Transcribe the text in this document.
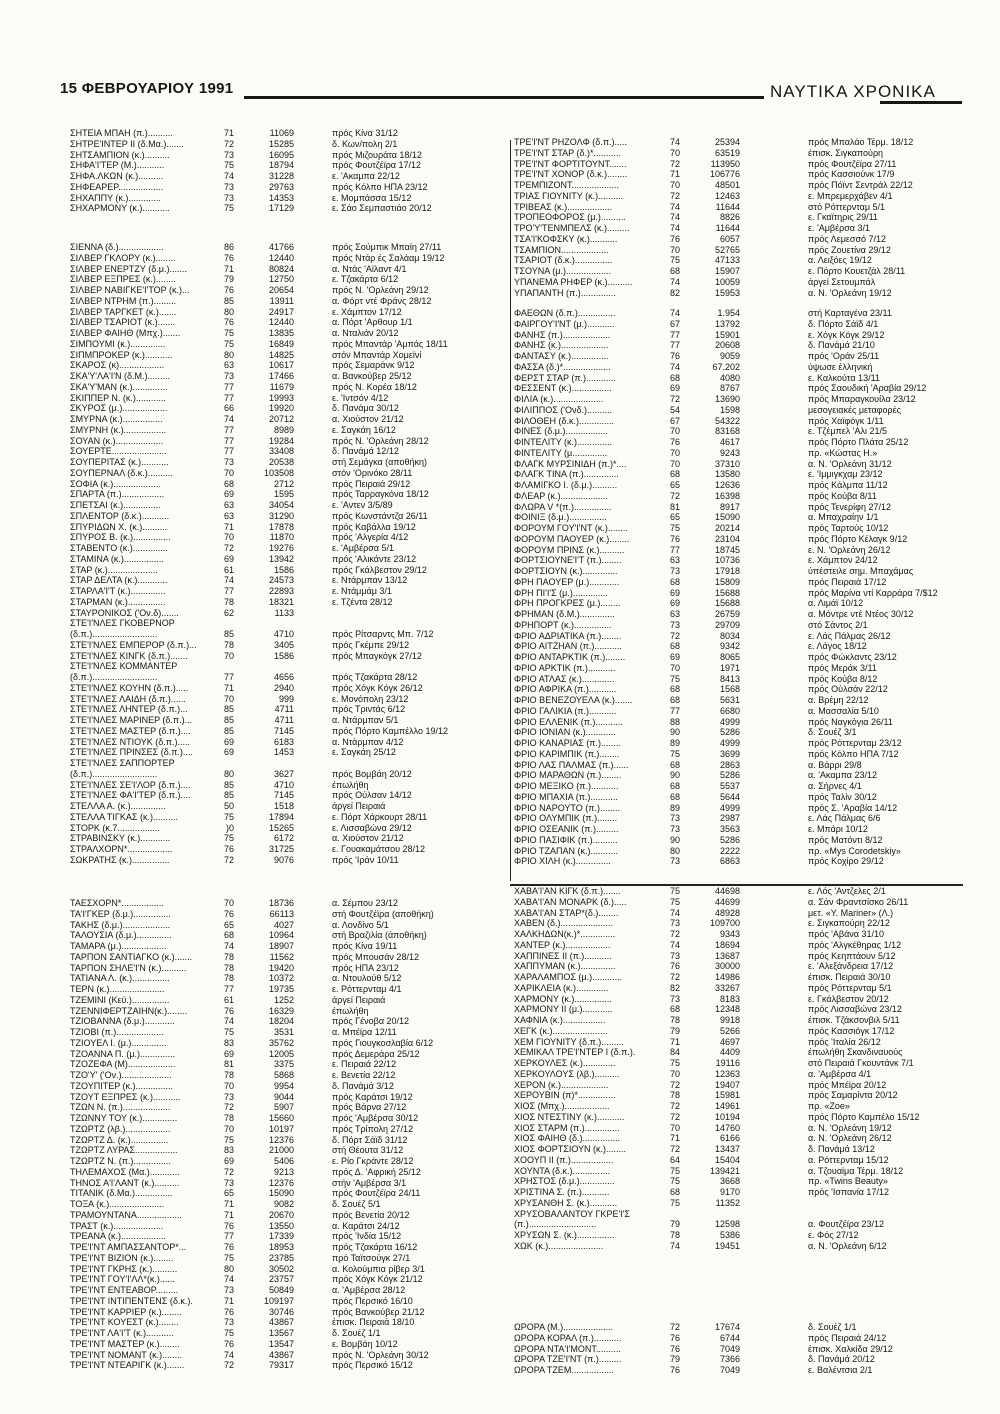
15 ΦΕΒΡΟΥΑΡΙΟΥ 1991	ΝΑΥΤΙΚΑ ΧΡΟΝΙΚΑ
ΣΗΤΕΙΑ ΜΠΑΗ (π.)..........	71	11069	πρός Κίνα 31/12
ΣΗΤΡΕ'ΙΝΤΕΡ ΙΙ (δ.Μα.).......	72	15285	δ. Κων/πολη 2/1
ΣΗΤΣΑΜΠΙΟΝ (κ.)..........	73	16095	πρός Μιζουράτα 18/12
ΣΗΦΑ'Ι'ΤΕΡ (Μ.)...........	75	18794	πρός Φουτζέϊρα 17/12
ΣΗΦΑ.ΛΚΩΝ (κ.)..........	74	31228	ε. 'Ακαμπα 22/12
ΣΗΦΕΑΡΕΡ..................	73	29763	πρός Κόλπο ΗΠΑ 23/12
ΣΗΧΑΠΠΥ (κ.).............	73	14353	ε. Μομπάσσα 15/12
ΣΗΧΑΡΜΟΝΥ (κ.)...........	75	17129	ε. Σάο Σεμπαστιάο 20/12
ΣΙΕΝΝΑ (δ.)..................	86	41766	πρός Σούμπικ Μπαίη 27/11
ΣΙΛΒΕΡ ΓΚΛΟΡΥ (κ.)........	76	12440	πρός Ντάρ ές Σαλάαμ 19/12
ΣΙΛΒΕΡ ΕΝΕΡΤΖΥ (δ.μ.).......	71	80824	α. Ντάς 'Αϊλαντ 4/1
ΣΙΛΒΕΡ ΕΞΠΡΕΣ (κ.)........	79	12750	ε. Τζακάρτα 6/12
ΣΙΛΒΕΡ ΝΑΒΙΓΚΕ'Ι'ΤΟΡ (κ.)...	76	20654	πρός Ν. 'Ορλεάνη 29/12
ΣΙΛΒΕΡ ΝΤΡΗΜ (π.).........	85	13911	α. Φόρτ ντέ Φράνς 28/12
ΣΙΛΒΕΡ ΤΑΡΓΚΕΤ (κ.).......	80	24917	ε. Χάμπτον 17/12
ΣΙΛΒΕΡ ΤΣΑΡΙΟΤ (κ.).......	76	12440	α. Πόρτ 'Αρθουρ 1/1
ΣΙΛΒΕΡ ΦΑΙΗΘ (Μπχ.).......	75	13835	α. Νταλιάν 20/12
ΣΙΜΠΟΥΜΙ (κ.)..............	75	16849	πρός Μπαντάρ 'Αμπάς 18/11
ΣΙΠΜΠΡΟΚΕΡ (κ.)...........	80	14825	στόν Μπαντάρ Χομεϊνί
ΣΚΑΡΟΣ (κ)..................	63	10617	πρός Σεμαράνκ 9/12
ΣΚΑ'Υ'ΛΑ'Ι'Ν (δ.Μ.).........	73	17466	α. Βανκούβερ 25/12
ΣΚΑ'Υ'ΜΑΝ (κ.)..............	77	11679	πρός Ν. Κορέα 18/12
ΣΚΙΠΠΕΡ Ν. (κ.)............	77	19993	ε. 'Ιντσόν 4/12
ΣΚΥΡΟΣ (μ.)..................	66	19920	δ. Πανάμα 30/12
ΣΜΥΡΝΑ (κ.)................	74	20712	α. Χιούστον 21/12
ΣΜΥΡΝΗ (κ.).................	77	8989	ε. Σαγκάη 16/12
ΣΟΥΑΝ (κ.)...................	77	19284	πρός Ν. 'Ορλεάνη 28/12
ΣΟΥΕΡΤΕ......................	77	33408	δ. Πανάμά 12/12
ΣΟΥΠΕΡΙΤΑΣ (κ.)...........	73	20538	στή Σεμάγκα (αποθήκη)
ΣΟΥΠΕΡΝΑΛ (δ.κ.)..........	70	103508	στόν 'Ορινόκο 28/11
ΣΟΦΙΑ (κ.)...................	68	2712	πρός Πειραιά 29/12
ΣΠΑΡΤΑ (π.).................	69	1595	πρός Ταρραγκόνα 18/12
ΣΠΕΤΣΑΙ (κ.)...............	63	34054	ε. 'Αντεν 3/5/89
ΣΠΛΕΝΤΟΡ (δ.κ.)...........	63	31290	πρός Κωνστάντζα 26/11
ΣΠΥΡΙΔΩΝ Χ. (κ.)..........	71	17878	πρός Καβάλλα 19/12
ΣΠΥΡΟΣ Β. (κ.)...............	70	11870	πρός 'Αλγερία 4/12
ΣΤΑΒΕΝΤΟ (κ.)..............	72	19276	ε. 'Αμβέρσα 5/1
ΣΤΑΜΙΝΑ (κ.)................	69	13942	πρός 'Αλικάντε 23/12
ΣΤΑΡ (κ.)....................	61	1586	πρός Γκάλβεστον 29/12
ΣΤΑΡ ΔΕΛΤΑ (κ.)............	74	24573	ε. Ντάρμπαν 13/12
ΣΤΑΡΛΑ'Ι'Τ (κ.)..............	77	22893	ε. Ντάμμάμ 3/1
ΣΤΑΡΜΑΝ (κ.)...............	78	18321	ε. Τζέντα 28/12
ΣΤΑΥΡΟΝΙΚΟΣ ('Ον.δ).......	62	1133
ΣΤΕ'Ι'ΝΛΕΣ ΓΚΟΒΕΡΝΟΡ
(δ.π.)..........................	85	4710	πρός Ρίτσαρντς Μπ. 7/12
ΣΤΕ'Ι'ΝΛΕΣ ΕΜΠΕΡΟΡ (δ.π.)...	78	3405	πρός Γκέμπε 29/12
ΣΤΕ'Ι'ΝΛΕΣ ΚΙΝΓΚ (δ.π.).......	70	1586	πρός Μπαγκόγκ 27/12
ΣΤΕ'Ι'ΝΛΕΣ ΚΟΜΜΑΝΤΕΡ
(δ.π.)..........................	77	4656	πρός Τζακάρτα 28/12
ΣΤΕ'Ι'ΝΛΕΣ ΚΟΥΗΝ (δ.π.).....	71	2940	πρός Χόγκ Κόγκ 26/12
ΣΤΕ'Ι'ΝΛΕΣ ΛΑΙΔΗ (δ.π.)......	70	999	ε. Μονόπολη 23/12
ΣΤΕ'Ι'ΝΛΕΣ ΛΗΝΤΕΡ (δ.π.)...	85	4711	πρός Τριντάς 6/12
ΣΤΕ'Ι'ΝΛΕΣ ΜΑΡΙΝΕΡ (δ.π.)...	85	4711	α. Ντάρμπαν 5/1
ΣΤΕ'Ι'ΝΛΕΣ ΜΑΣΤΕΡ (δ.π.)....	85	7145	πρός Πόρτο Καμπέλλο 19/12
ΣΤΕ'Ι'ΝΛΕΣ ΝΤΙΟΥΚ (δ.π.).....	69	6183	α. Ντάρμπαν 4/12
ΣΤΕ'Ι'ΝΛΕΣ ΠΡΙΝΣΕΣ (δ.π.)....	69	1453	ε. Σαγκάη 25/12
ΣΤΕ'Ι'ΝΛΕΣ ΣΑΠΠΟΡΤΕΡ
(δ.π.)..........................	80	3627	πρός Βομβάη 20/12
ΣΤΕ'Ι'ΝΛΕΣ ΣΕ'Ι'ΛΟΡ (δ.π.)....	85	4710	έπωλήθη
ΣΤΕ'Ι'ΝΛΕΣ ΦΑ'Ι'ΤΕΡ (δ.π.)....	85	7145	πρός Ούλσαν 14/12
ΣΤΕΛΛΑ Α. (κ.)..............	50	1518	άργεί Πειραιά
ΣΤΕΛΛΑ ΤΙΓΚΑΣ (κ.)..........	75	17894	ε. Πόρτ Χάρκουρτ 28/11
ΣΤΟΡΚ (κ.7.................	)0	15265	ε. Λισσαβώνα 29/12
ΣΤΡΑΒΙΝΣΚΥ (κ.)............	75	6172	α. Χιούστον 21/12
ΣΤΡΑΛΧΟΡΝ*..................	76	31725	ε. Γουακαμάτσου 28/12
ΣΩΚΡΑΤΗΣ (κ.)...............	72	9076	πρός 'Ιράν 10/11
ΤΑΕΣΧΟΡΝ*.................	70	18736	α. Σέμπου 23/12
ΤΑ'Ι'ΓΚΕΡ (δ.μ.)...............	76	66113	στή Φουτζέϊρα (αποθήκη)
ΤΑΚΗΣ (δ.μ.)...................	65	4027	α. Λονδίνο 5/1
ΤΑΛΟΥΣΙΑ (δ.μ.)..............	68	10964	στή Βραζιλία (άποθήκη)
ΤΑΜΑΡΑ (μ.)..................	74	18907	πρός Κίνα 19/11
ΤΑΡΠΟΝ ΣΑΝΤΙΑΓΚΟ (κ.).......	78	11562	πρός Μπουσάν 28/12
ΤΑΡΠΟΝ ΣΗΛΕ'Ι'Ν (κ.)..........	78	19420	πρός ΗΠΑ 23/12
ΤΑΤΙΑΝΑ Λ. (κ.)...............	78	10372	α. Ντουλούθ 5/12
ΤΕΡΝ (κ.)......................	77	19735	ε. Ρόττερνταμ 4/1
ΤΖΕΜΙΝΙ (Κεϋ.)...............	61	1252	άργεί Πειραιά
ΤΖΕΝΝΙΦΕΡΤΖΑΙΗΝ(κ.)........	76	16329	έπωλήθη
ΤΖΙΟΒΑΝΝΑ (δ.μ.)............	74	18204	πρός Γένοβα 20/12
ΤΖΙΟΒΙ (π.)...................	75	3531	α. Μπέϊρα 12/11
ΤΖΙΟΥΕΛ Ι. (μ.)..............	83	35762	πρός Γιουγκοσλαβία 6/12
ΤΖΟΑΝΝΑ Π. (μ.)..............	69	12005	πρός Δεμεράρα 25/12
ΤΖΟΖΕΦΑ (Μ)...................	81	3375	ε. Πειραιά 22/12
ΤΖΟ'Υ' ('Ον.)....................	78	5868	ε. Βενετία 22/12
ΤΖΟΥΠΙΤΕΡ (κ.)...............	70	9954	δ. Πανάμά 3/12
ΤΖΟΥΤ ΕΞΠΡΕΣ (κ.)...........	73	9044	πρός Καράτσι 19/12
ΤΖΩΝ Ν. (π.)...................	72	5907	πρός Βάρνα 27/12
ΤΖΩΝΝΥ ΤΟΥ (κ.)..............	78	15660	πρός 'Αμβέρσα 30/12
ΤΖΩΡΤΖ (λβ.)..................	70	10197	πρός Τρίπολη 27/12
ΤΖΩΡΤΖ Δ. (κ.)...............	75	12376	δ. Πόρτ Σάϊδ 31/12
ΤΖΩΡΤΖ ΛΥΡΑΣ.................	83	21000	στή Θέουτα 31/12
ΤΖΩΡΤΖ Ν. (π.)...............	69	5406	ε. Ρίο Γκράντε 28/12
ΤΗΛΕΜΑΧΟΣ (Μα.)............	72	9213	πρός Δ. 'Αφρική 25/12
ΤΗΝΟΣ Α'Ι'ΛΑΝΤ (κ.)..........	73	12376	στήν 'Αμβέρσα 3/1
ΤΙΤΑΝΙΚ (δ.Μα.)...............	65	15090	πρός Φουτζέϊρα 24/11
ΤΟΞΑ (κ.)......................	71	9082	δ. Σουέζ 5/1
ΤΡΑΜΟΥΝΤΑΝΑ..................	71	20670	πρός Βενετία 20/12
ΤΡΑΣΤ (κ.)....................	76	13550	α. Καράτσι 24/12
ΤΡΕΑΝΑ (κ.)..................	77	17339	πρός 'Ινδία 15/12
ΤΡΕ'Ι'ΝΤ ΑΜΠΑΣΣΑΝΤΟΡ*...	76	18953	πρός Τζακάρτα 16/12
ΤΡΕ'Ι'ΝΤ ΒΙΖΙΟΝ (κ.)........	75	23785	πρό Ταϊτσούγκ 27/1
ΤΡΕ'Ι'ΝΤ ΓΚΡΗΣ (κ.)..........	80	30502	α. Κολούμπια ρίβερ 3/1
ΤΡΕ'Ι'ΝΤ ΓΟΥ'Ι'ΛΛ*(κ.)......	74	23757	πρός Χόγκ Κόγκ 21/12
ΤΡΕ'Ι'ΝΤ ΕΝΤΕΑΒΟΡ.........	73	50849	α. 'Αμβέρσα 28/12
ΤΡΕ'Ι'ΝΤ ΙΝΤΙΠΕΝΤΕΝΣ (δ.κ.).	71	109197	πρός Περσικό 16/10
ΤΡΕ'Ι'ΝΤ ΚΑΡΡΙΕΡ (κ.)........	76	30746	πρός Βανκούβερ 21/12
ΤΡΕ'Ι'ΝΤ ΚΟΥΕΣΤ (κ.)........	73	43867	έπισκ. Πειραιά 18/10
ΤΡΕ'Ι'ΝΤ ΛΑ'Ι'Τ (κ.)...........	75	13567	δ. Σουέζ 1/1
ΤΡΕ'Ι'ΝΤ ΜΑΣΤΕΡ (κ.)........	76	13547	ε. Βομβάη 10/12
ΤΡΕ'Ι'ΝΤ ΝΟΜΑΝΤ (κ.)........	74	43867	πρός Ν. 'Ορλεάνη 30/12
ΤΡΕ'Ι'ΝΤ ΝΤΕΑΡΙΓΚ (κ.).......	72	79317	πρός Περσικό 15/12
ΤΡΕ'Ι'ΝΤ ΡΗΖΟΛΦ (δ.π.).....	74	25394	πρός Μπαλάο Τέρμ. 18/12
ΤΡΕ'Ι'ΝΤ ΣΤΑΡ (δ.)*...........	70	63519	έπισκ. Σιγκαπούρη
ΤΡΕ'Ι'ΝΤ ΦΟΡΤΙΤΟΥΝΤ.......	72	113950	πρός Φουτζέϊρα 27/11
ΤΡΕ'Ι'ΝΤ ΧΟΝΟΡ (δ.κ.)........	71	106776	πρός Κασσιούνκ 17/9
ΤΡΕΜΠΙΖΟΝΤ...................	70	48501	πρός Πόϊντ Σεντράλ 22/12
ΤΡΙΑΣ ΓΙΟΥΝΙΤΥ (κ.)..........	72	12463	ε. Μπρεμερχάβεν 4/1
ΤΡΙΒΕΑΣ (κ.)..................	74	11644	στό Ρόττερνταμ 5/1
ΤΡΟΠΕΟΦΟΡΟΣ (μ.)..........	74	8826	ε. Γκαϊτηρις 29/11
ΤΡΟ'Υ'ΤΕΝΜΠΕΛΣ (κ.).........	74	11644	ε. 'Αμβέρσα 3/1
ΤΣΑ'Ι'ΚΟΦΣΚΥ (κ.)...........	76	6057	πρός Λεμεσσό 7/12
ΤΣΑΜΠΙΟΝ...................	70	52765	πρός Ζουετίνα 29/12
ΤΣΑΡΙΟΤ (δ.κ.)...............	75	47133	α. Λειξόες 19/12
ΤΣΟΥΝΑ (μ.)..................	68	15907	ε. Πόρτο Κουετζάλ 28/11
ΥΠΑΝΕΜΑ ΡΗΦΕΡ (κ.)..........	74	10059	άργεί Σετουμπάλ
ΥΠΑΠΑΝΤΗ (π.)..............	82	15953	α. Ν. 'Ορλεάνη 19/12
ΦΑΕΘΩΝ (δ.π.)...............	74	1.954	στή Καρταγένα 23/11
ΦΑΙΡΓΟΥ'Ι'ΝΤ (μ.)...........	67	13792	δ. Πόρτο Σάϊδ 4/1
ΦΑΝΗΣ (π.)...................	77	15901	ε. Χόγκ Κόγκ 29/12
ΦΑΝΗΣ (κ.)...................	77	20608	δ. Πανάμά 21/10
ΦΑΝΤΑΣΥ (κ.)...............	76	9059	πρός 'Οράν 25/11
ΦΑΣΣΑ (δ.)*...................	74	67.202	ύψωσε έλληνική
ΦΕΡΣΤ ΣΤΑΡ (π.)............	68	4080	ε. Καλκούτα 13/11
ΦΕΣΣΕΝΤ (κ.)................	69	8767	πρός Σαουδική 'Αραβία 29/12
ΦΙΛΙΑ (κ.)....................	72	13690	πρός Μπαραγκουίλα 23/12
ΦΙΛΙΠΠΟΣ ('Ονδ.)..........	54	1598	μεσογειακές μεταφορές
ΦΙΛΟΘΕΗ (δ.κ.)..............	67	54322	πρός Χαϊφόγκ 1/11
ΦΙΝΕΣ (δ.μ.).................	70	83168	ε. Τζέμπελ 'Αλι 21/5
ΦΙΝΤΕΛΙΤΥ (κ.)..............	76	4617	πρός Πόρτο Πλάτα 25/12
ΦΙΝΤΕΛΙΤΥ (μ..............	70	9243	πρ. «Κώστας Η.»
ΦΛΑΓΚ ΜΥΡΣΙΝΙΔΗ (π.)*....	70	37310	α. Ν. 'Ορλεάνη 31/12
ΦΛΑΓΚ ΤΙΝΑ (π.)..............	68	13580	ε. 'Ιμμιγκχαμ 23/12
ΦΛΑΜΙΓΚΟ Ι. (δ.μ.)..........	65	12636	πρός Κάλμπα 11/12
ΦΛΕΑΡ (κ.)...................	72	16398	πρός Κούβα 8/11
ΦΛΩΡΑ V *(π.)...............	81	8917	πρός Τενερίφη 27/12
ΦΟΙΝΙΞ (δ.μ.)...............	65	15090	α. Μπαχραίην 1/1
ΦΟΡΟΥΜ ΓΟΥ'Ι'ΝΤ (κ.)........	75	20214	πρός Ταρτούς 10/12
ΦΟΡΟΥΜ ΠΑΟΥΕΡ (κ.)........	76	23104	πρός Πόρτο Κέλαγκ 9/12
ΦΟΡΟΥΜ ΠΡΙΝΣ (κ.)..........	77	18745	ε. Ν. 'Ορλεάνη 26/12
ΦΟΡΤΣΙΟΥΝΕ'Ι'Τ (π.)........	63	10736	ε. Χάμπτον 24/12
ΦΟΡΤΣΙΟΥΝ (κ.)..............	73	17918	ύπέστειλε σημ. Μπαχάμας
ΦΡΗ ΠΑΟΥΕΡ (μ.)............	68	15809	πρός Πειραιά 17/12
ΦΡΗ ΠΙ'Ι'Σ (μ.)..............	69	15688	πρός Μαρίνα ντί Καρράρα 7/$12
ΦΡΗ ΠΡΟΓΚΡΕΣ (μ.)........	69	15688	α. Λιμάϊ 10/12
ΦΡΗΜΑΝ (δ.Μ.)..............	63	26759	α. Μόντρε ντέ Ντέος 30/12
ΦΡΗΠΟΡΤ (κ.)...............	73	29709	στό Σάντος 2/1
ΦΡΙΟ ΑΔΡΙΑΤΙΚΑ (π.)........	72	8034	ε. Λάς Πάλμας 26/12
ΦΡΙΟ ΑΙΤΖΗΑΝ (π.)...........	68	9342	ε. Λάγος 18/12
ΦΡΙΟ ΑΝΤΑΡΚΤΙΚ (π.)........	69	8065	πρός Φώκλαντς 23/12
ΦΡΙΟ ΑΡΚΤΙΚ (π.)...........	70	1971	πρός Μεράκ 3/11
ΦΡΙΟ ΑΤΛΑΣ (κ.).............	75	8413	πρός Κούβα 8/12
ΦΡΙΟ ΑΦΡΙΚΑ (π.)...........	68	1568	πρός Ούλσάν 22/12
ΦΡΙΟ ΒΕΝΕΖΟΥΕΛΑ (κ.).......	68	5631	α. Βρέμη 22/12
ΦΡΙΟ ΓΑΛΙΚΙΑ (π.)...........	77	6680	α. Μασσαλία 5/10
ΦΡΙΟ ΕΛΛΕΝΙΚ (π.)...........	88	4999	πρός Ναγκόγια 26/11
ΦΡΙΟ ΙΟΝΙΑΝ (κ.)............	90	5286	δ. Σουέζ 3/1
ΦΡΙΟ ΚΑΝΑΡΙΑΣ (π.)........	89	4999	πρός Ρόττερνταμ 23/12
ΦΡΙΟ ΚΑΡΙΜΠΙΚ (π.)........	75	3699	πρός Κόλπο ΗΠΑ 7/12
ΦΡΙΟ ΛΑΣ ΠΑΛΜΑΣ (π.)......	68	2863	α. Βάρρι 29/8
ΦΡΙΟ ΜΑΡΑΘΩΝ (π.)........	90	5286	α. 'Ακαμπα 23/12
ΦΡΙΟ ΜΕΞΙΚΟ (π.)...........	68	5537	α. Σήρνες 4/1
ΦΡΙΟ ΜΠΑΧΙΑ (π.)...........	68	5644	πρός Ταλίν 30/12
ΦΡΙΟ ΝΑΡΟΥΤΟ (π.)........	89	4999	πρός Σ. 'Αραβία 14/12
ΦΡΙΟ ΟΛΥΜΠΙΚ (π.)........	73	2987	ε. Λάς Πάλμας 6/6
ΦΡΙΟ ΟΣΕΑΝΙΚ (π.).........	73	3563	ε. Μπάρι 10/12
ΦΡΙΟ ΠΑΣΙΦΙΚ (π.)..........	90	5286	πρός Ματόντι 8/12
ΦΡΙΟ ΤΖΑΠΑΝ (κ.)...........	80	2222	πρ. «Mys Corodetskiy»
ΦΡΙΟ ΧΙΛΗ (κ.)..............	73	6863	πρός Κοχίρο 29/12
ΧΑΒΑ'Ι'ΑΝ ΚΙΓΚ (δ.π.).......	75	44698	ε. Λός 'Αντζελες 2/1
ΧΑΒΑ'Ι'ΑΝ ΜΟΝΑΡΚ (δ.).....	75	44699	α. Σάν Φραντσίσκο 26/11
ΧΑΒΑ'Ι'ΑΝ ΣΤΑΡ*(δ.)........	74	48928	μετ. «Υ. Mariner» (Λ.)
ΧΑΒΕΝ (δ.).....................	73	109700	ε. Σιγκαπούρη 22/12
ΧΑΛΚΗΔΩΝ(κ.)*..............	72	9343	πρός 'Αβάνα 31/10
ΧΑΝΤΕΡ (κ.)..................	74	18694	πρός 'Αλγκέθηρας 1/12
ΧΑΠΠΙΝΕΣ ΙΙ (π.)...........	73	13687	πρός Κεηπτάουν 5/12
ΧΑΠΠΥΜΑΝ (κ.)..............	76	30000	ε. 'Αλεξάνδρεια 17/12
ΧΑΡΑΛΑΜΠΟΣ (μ.)............	72	14986	έπισκ. Πειραιά 30/10
ΧΑΡΙΚΛΕΙΑ (κ.).............	82	33267	πρός Ρόττερνταμ 5/1
ΧΑΡΜΟΝΥ (κ.)...............	73	8183	ε. Γκάλβεστον 20/12
ΧΑΡΜΟΝΥ ΙΙ (μ.)............	68	12348	πρός Λισσαβώνα 23/12
ΧΑΦΝΙΑ (κ.).................	78	9918	έπισκ. Τζάκσονβιλ 5/11
ΧΕΓΚ (κ.)......................	79	5266	πρός Κασσιόγκ 17/12
ΧΕΜ ΓΙΟΥΝΙΤΥ (δ.π.).........	71	4697	πρός 'Ιταλία 26/12
ΧΕΜΙΚΑΛ ΤΡΕ'Ι'ΝΤΕΡ Ι (δ.π.).	84	4409	έπωλήθη Σκανδιναυούς
ΧΕΡΚΟΥΛΕΣ (κ.).............	75	19116	στό Πειραιά Γκουντάνκ 7/1
ΧΕΡΚΟΥΛΟΥΣ (λβ.)..........	70	12363	α. 'Αμβέρσα 4/1
ΧΕΡΟΝ (κ.)...................	72	19407	πρός Μπέϊρα 20/12
ΧΕΡΟΥΒΙΝ (π)*...............	78	15981	πρός Σαμαρίντα 20/12
ΧΙΟΣ (Μπχ.)..................	72	14961	πρ. «Zoe»
ΧΙΟΣ ΝΤΕΣΤΙΝΥ (κ.)...........	72	10194	πρός Πόρτο Καμπέλο 15/12
ΧΙΟΣ ΣΤΑΡΜ (π.)..............	70	14760	α. Ν. 'Ορλεάνη 19/12
ΧΙΟΣ ΦΑΙΗΘ (δ.)...............	71	6166	α. Ν. 'Ορλεάνη 26/12
ΧΙΟΣ ΦΟΡΤΣΙΟΥΝ (κ.)........	72	13437	δ. Πανάμά 13/12
ΧΟΟΥΠ ΙΙ (π.).................	64	15404	α. Ρόττερνταμ 15/12
ΧΟΥΝΤΑ (δ.κ.)...............	75	139421	α. Τζουαϊμα Τέρμ. 18/12
ΧΡΗΣΤΟΣ (δ.μ.)..............	75	3668	πρ. «Twins Beauty»
ΧΡΙΣΤΙΝΑ Σ. (π.)...........	68	9170	πρός 'Ισπανία 17/12
ΧΡΥΣΑΝΘΗ Σ. (κ.)...........	75	11352
ΧΡΥΣΟΒΑΛΑΝΤΟΥ ΓΚΡΕ'Ι'Σ
(π.)...........................	79	12598	α. Φουτζέϊρα 23/12
ΧΡΥΣΩΝ Σ. (κ.)...............	78	5386	ε. Φός 27/12
ΧΩΚ (κ.)......................	74	19451	α. Ν. 'Ορλεάνη 6/12
ΩΡΟΡΑ (Μ.)....................	72	17674	δ. Σουέζ 1/1
ΩΡΟΡΑ ΚΟΡΑΛ (π.)...........	76	6744	πρός Πειραιά 24/12
ΩΡΟΡΑ ΝΤΑ'Ι'ΜΟΝΤ..........	76	7049	έπισκ. Χαλκίδα 29/12
ΩΡΟΡΑ ΤΖΕ'Ι'ΝΤ (π.).........	79	7366	δ. Πανάμά 20/12
ΩΡΟΡΑ ΤΖΕΜ.................	76	7049	ε. Βαλέντσια 2/1
